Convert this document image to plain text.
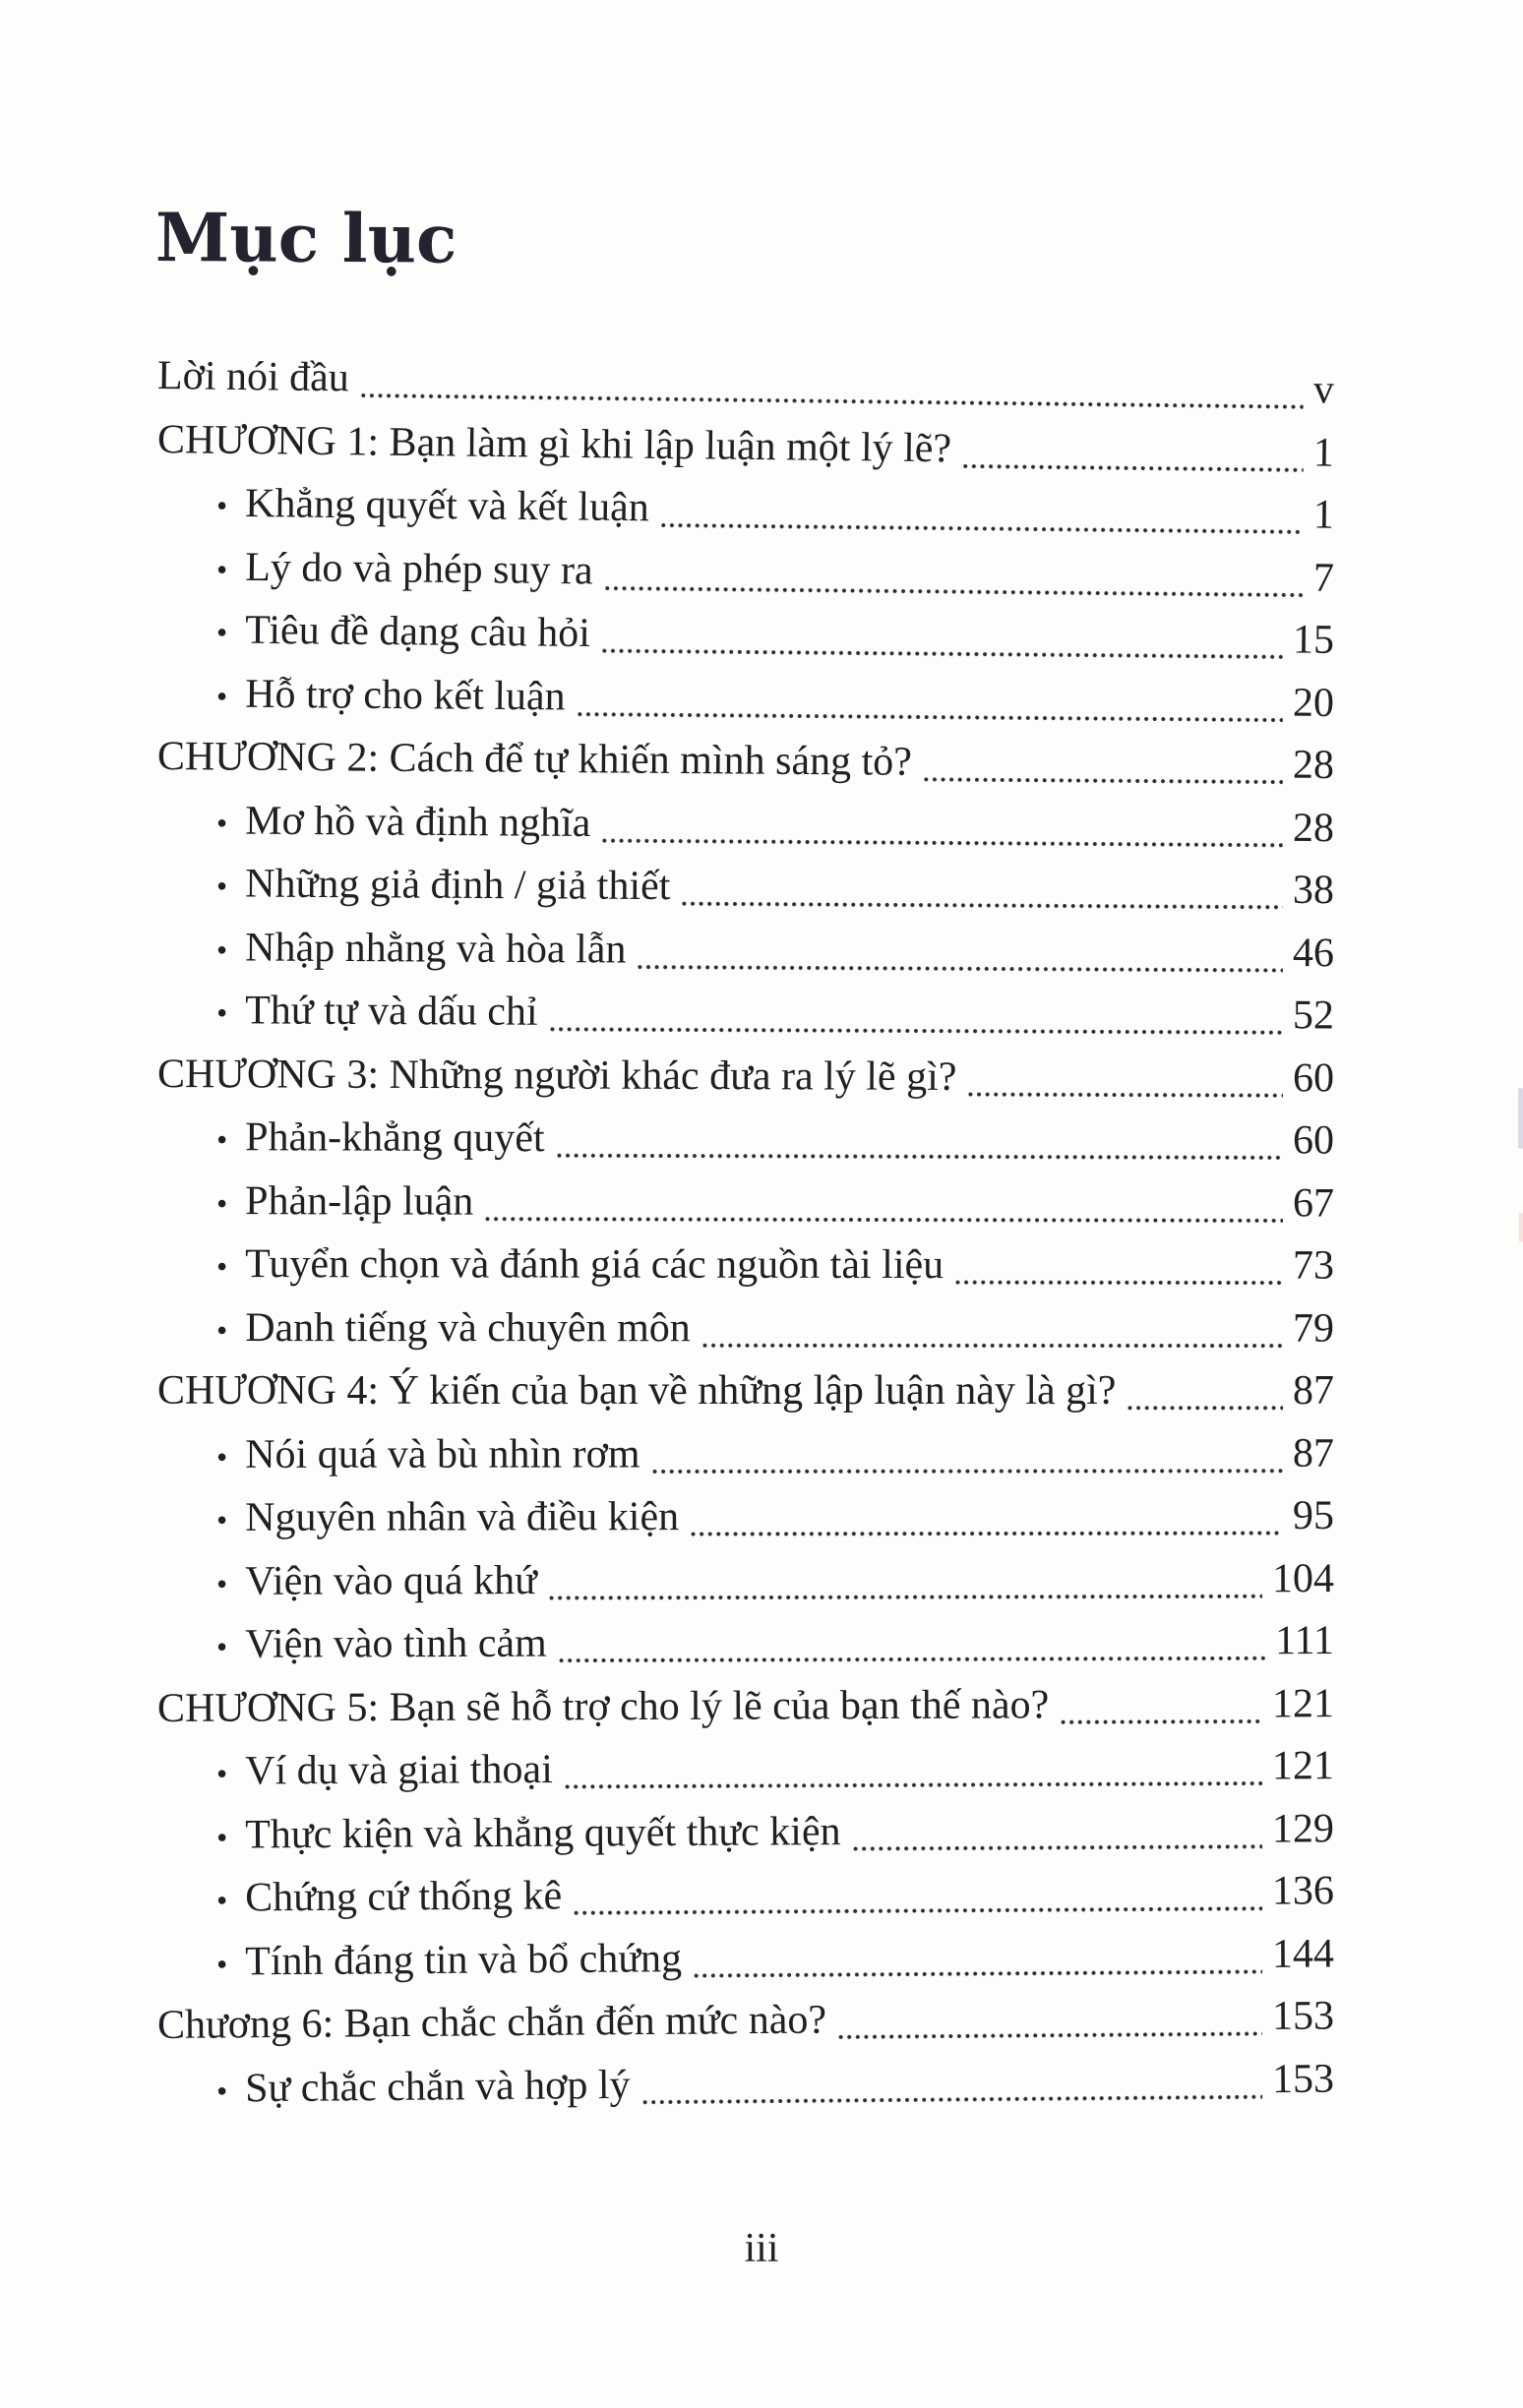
Mục lục
Lời nói đầu	v
CHƯƠNG 1: Bạn làm gì khi lập luận một lý lẽ?	1
• Khẳng quyết và kết luận	1
• Lý do và phép suy ra	7
• Tiêu đề dạng câu hỏi	15
• Hỗ trợ cho kết luận	20
CHƯƠNG 2: Cách để tự khiến mình sáng tỏ?	28
• Mơ hồ và định nghĩa	28
• Những giả định / giả thiết	38
• Nhập nhằng và hòa lẫn	46
• Thứ tự và dấu chỉ	52
CHƯƠNG 3: Những người khác đưa ra lý lẽ gì?	60
• Phản-khẳng quyết	60
• Phản-lập luận	67
• Tuyển chọn và đánh giá các nguồn tài liệu	73
• Danh tiếng và chuyên môn	79
CHƯƠNG 4: Ý kiến của bạn về những lập luận này là gì?	87
• Nói quá và bù nhìn rơm	87
• Nguyên nhân và điều kiện	95
• Viện vào quá khứ	104
• Viện vào tình cảm	111
CHƯƠNG 5: Bạn sẽ hỗ trợ cho lý lẽ của bạn thế nào?	121
• Ví dụ và giai thoại	121
• Thực kiện và khẳng quyết thực kiện	129
• Chứng cứ thống kê	136
• Tính đáng tin và bổ chứng	144
Chương 6: Bạn chắc chắn đến mức nào?	153
• Sự chắc chắn và hợp lý	153
iii
